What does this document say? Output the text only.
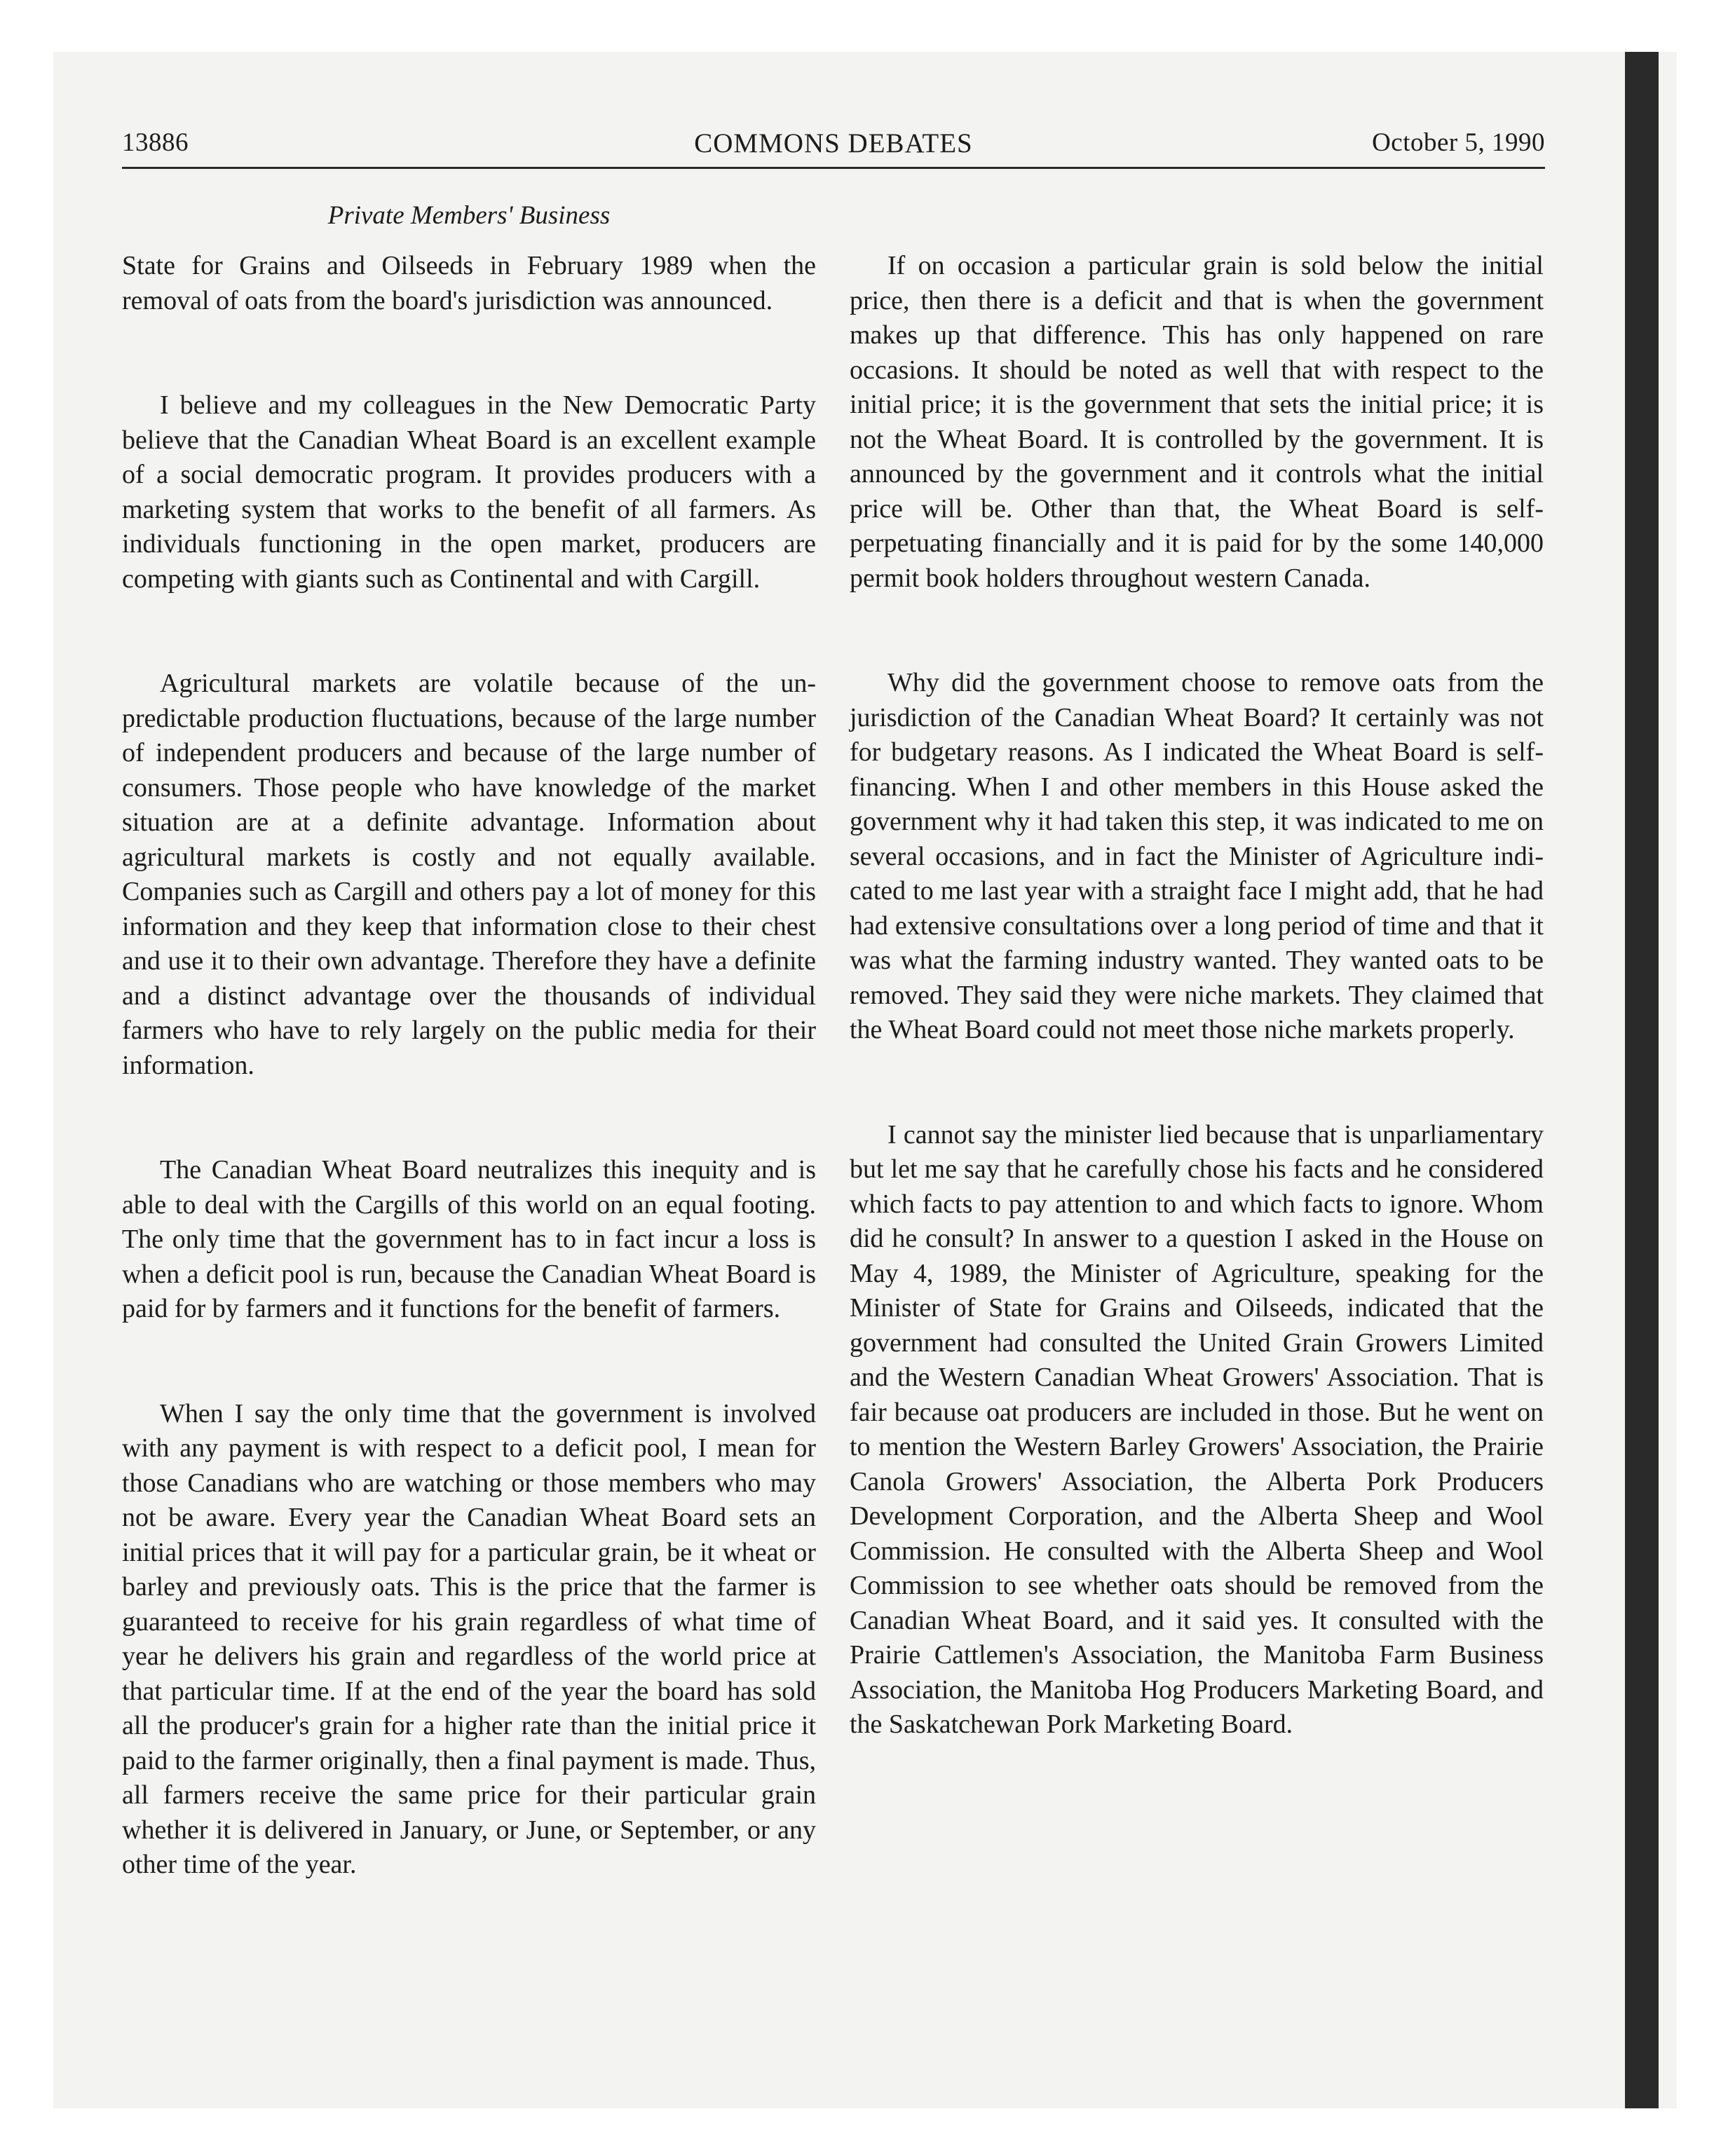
13886	COMMONS DEBATES	October 5, 1990
Private Members' Business

State for Grains and Oilseeds in February 1989 when the removal of oats from the board's jurisdiction was announced.

I believe and my colleagues in the New Democratic Party believe that the Canadian Wheat Board is an excellent example of a social democratic program. It provides producers with a marketing system that works to the benefit of all farmers. As individuals functioning in the open market, producers are competing with giants such as Continental and with Cargill.

Agricultural markets are volatile because of the unpredictable production fluctuations, because of the large number of independent producers and because of the large number of consumers. Those people who have knowledge of the market situation are at a definite advantage. Information about agricultural markets is costly and not equally available. Companies such as Cargill and others pay a lot of money for this information and they keep that information close to their chest and use it to their own advantage. Therefore they have a definite and a distinct advantage over the thousands of individual farmers who have to rely largely on the public media for their information.

The Canadian Wheat Board neutralizes this inequity and is able to deal with the Cargills of this world on an equal footing. The only time that the government has to in fact incur a loss is when a deficit pool is run, because the Canadian Wheat Board is paid for by farmers and it functions for the benefit of farmers.

When I say the only time that the government is involved with any payment is with respect to a deficit pool, I mean for those Canadians who are watching or those members who may not be aware. Every year the Canadian Wheat Board sets an initial prices that it will pay for a particular grain, be it wheat or barley and previously oats. This is the price that the farmer is guaranteed to receive for his grain regardless of what time of year he delivers his grain and regardless of the world price at that particular time. If at the end of the year the board has sold all the producer's grain for a higher rate than the initial price it paid to the farmer originally, then a final payment is made. Thus, all farmers receive the same price for their particular grain whether it is delivered in January, or June, or September, or any other time of the year.

If on occasion a particular grain is sold below the initial price, then there is a deficit and that is when the government makes up that difference. This has only happened on rare occasions. It should be noted as well that with respect to the initial price; it is the government that sets the initial price; it is not the Wheat Board. It is controlled by the government. It is announced by the government and it controls what the initial price will be. Other than that, the Wheat Board is self-perpetuating financially and it is paid for by the some 140,000 permit book holders throughout western Canada.

Why did the government choose to remove oats from the jurisdiction of the Canadian Wheat Board? It certainly was not for budgetary reasons. As I indicated the Wheat Board is self-financing. When I and other members in this House asked the government why it had taken this step, it was indicated to me on several occasions, and in fact the Minister of Agriculture indicated to me last year with a straight face I might add, that he had had extensive consultations over a long period of time and that it was what the farming industry wanted. They wanted oats to be removed. They said they were niche markets. They claimed that the Wheat Board could not meet those niche markets properly.

I cannot say the minister lied because that is unparliamentary but let me say that he carefully chose his facts and he considered which facts to pay attention to and which facts to ignore. Whom did he consult? In answer to a question I asked in the House on May 4, 1989, the Minister of Agriculture, speaking for the Minister of State for Grains and Oilseeds, indicated that the government had consulted the United Grain Growers Limited and the Western Canadian Wheat Growers' Association. That is fair because oat producers are included in those. But he went on to mention the Western Barley Growers' Association, the Prairie Canola Growers' Association, the Alberta Pork Producers Development Corporation, and the Alberta Sheep and Wool Commission. He consulted with the Alberta Sheep and Wool Commission to see whether oats should be removed from the Canadian Wheat Board, and it said yes. It consulted with the Prairie Cattlemen's Association, the Manitoba Farm Business Association, the Manitoba Hog Producers Marketing Board, and the Saskatchewan Pork Marketing Board.
